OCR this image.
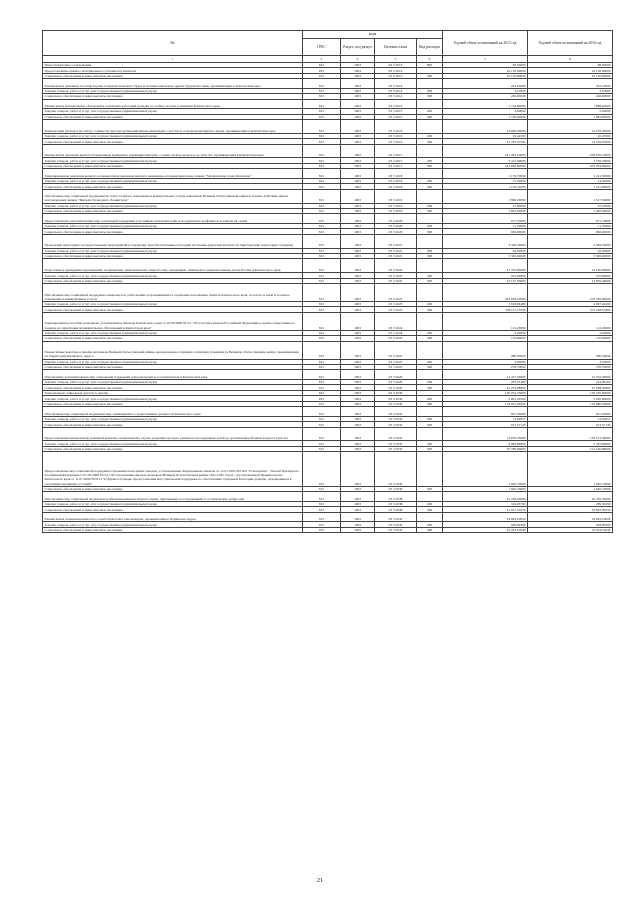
№	коды				Годовой объем ассигнований на 2015 год	Годовой объем ассигнований на 2016 год
	ГРБС	Раздел, под-раздел	Целевая статья	Вид расходов		
1	3	4	5	6	7	8
Иные бюджетные ассигнования	815	1003	03 3 2012	800	83,50000	88,00000
Предоставление прямого материального (основного) капитала	815	1003	03 3 2013		16 150,00000	16 150,00000
Социальное обеспечение и иные выплаты населению	815	1003	03 3 2013	300	16 150,00000	16 150,00000
Ежемесячное денежное пособие Героям Социалистического Труда и полным кавалерам ордена Трудовой Славы, проживающим в Камчатском крае	815	1003	03 3 2014		243,10000	243,10000
Закупка товаров, работ и услуг для государственных (муниципальных) нужд	815	1003	03 3 2014	200	3,10000	3,10000
Социальное обеспечение и иные выплаты населению	815	1003	03 3 2014	300	240,00000	240,00000
Ежемесячное материальное обеспечение отдельных категорий граждан за особые заслуги в развитии Камчатского края	815	1003	03 3 2015		1 734,90000	1 868,20000
Закупка товаров, работ и услуг для государственных (муниципальных) нужд	815	1003	03 3 2015	200	4,90000	5,20000
Социальное обеспечение и иные выплаты населению	815	1003	03 3 2015	300	1 730,00000	1 863,00000
Компенсация расходов на оплату стоимости проезда детям-инвалидам, инвалидам с детства и сопровождающим их лицам, проживающим в Камчатском крае	815	1003	03 3 2016		13 800,50000	14 559,50000
Закупка товаров, работ и услуг для государственных (муниципальных) нужд	815	1003	03 3 2016	200	19,42500	20,47000
Социальное обеспечение и иные выплаты населению	815	1003	03 3 2016	300	13 781,07500	14 539,03000
Ежемесячная денежная выплата беременным женщинам, кормящим матерям, а также детям в возрасте до трех лет, проживающим в Камчатском крае	815	1003	03 3 2017		247 083,10000	258 870,70000
Закупка товаров, работ и услуг для государственных (муниципальных) нужд	815	1003	03 3 2017	200	3 413,30000	3 576,70000
Социальное обеспечение и иные выплаты населению	815	1003	03 3 2017	300	243 669,80000	255 294,00000
Единовременная денежная выплата и ежемесячная денежная выплата женщинам, которым присвоено звание "Материнская слава Камчатки"	815	1003	03 3 2018		1 176,70000	1 241,50000
Закупка товаров, работ и услуг для государственных (муниципальных) нужд	815	1003	03 3 2018	200	17,39000	14,50000
Социальное обеспечение и иные выплаты населению	815	1003	03 3 2018	300	1 159,31000	1 227,00000
Обеспечение мер социальной поддержки по плате за жилое помещение и коммунальные услуги инвалидам Великой Отечественной войны и боевых действий, лицам награжденным знаком "Жителю блокадного Ленинграда"	815	1003	03 3 2019		1 860,20000	1 517,50000
Закупка товаров, работ и услуг для государственных (муниципальных) нужд	815	1003	03 3 2019	200	27,00000	25,10000
Социальное обеспечение и иные выплаты населению	815	1003	03 3 2019	300	1 833,20000	1 492,40000
Предоставление дополнительных мер социальной поддержки участникам локальных войн и вооруженных конфликтов и членам их семей	815	1003	03 3 2020		971,70000	971,70000
Закупка товаров, работ и услуг для государственных (муниципальных) нужд	815	1003	03 3 2020	200	11,70000	11,70000
Социальное обеспечение и иные выплаты населению	815	1003	03 3 2020	300	960,00000	960,00000
Проведение новогодних и рождественских мероприятий и поддержку малообеспеченных категорий населения (адресная выплата на приобретение новогодних подарков)	815	1003	03 3 2021		3 349,50000	3 349,50000
Закупка товаров, работ и услуг для государственных (муниципальных) нужд	815	1003	03 3 2021	200	49,50000	49,50000
Социальное обеспечение и иные выплаты населению	815	1003	03 3 2021	300	3 300,00000	3 300,00000
Подготовка и проведение мероприятий, посвященных дням воинской славы России, праздникам, памятным и знаменательным датам России и Камчатского края	815	1003	03 3 2022		13 370,90000	14 106,00000
Закупка товаров, работ и услуг для государственных (муниципальных) нужд	815	1003	03 3 2022	200	223,40000	235,60000
Социальное обеспечение и иные выплаты населению	815	1003	03 3 2022	300	13 147,50000	13 870,40000
Обеспечение мер социальной поддержки специалистов, работающих и проживающих в отдельных населенных пунктах Камчатского края, по плате за наем и за жилое помещение и коммунальные услуги	815	1003	03 3 2023		262 936,10000	276 326,00000
Закупка товаров, работ и услуг для государственных (муниципальных) нужд	815	1003	03 3 2023	200	3 818,96480	4 097,42200
Социальное обеспечение и иные выплаты населению	815	1003	03 3 2023	300	259 117,13520	272 228,57800
Единовременное пособие гражданам, установленное Законом Камчатского края от 18.09.2008 №113 "Об участии граждан Российской Федерации в охране общественного порядка на территории муниципальных образований в Камчатском крае"	815	1003	03 3 2024		112,20000	112,20000
Закупка товаров, работ и услуг для государственных (муниципальных) нужд	815	1003	03 3 2024	200	2,20000	2,20000
Социальное обеспечение и иные выплаты населению	815	1003	03 3 2024	300	110,00000	110,00000
Ежемесячные выплаты к пенсии ветеранам Великой Отечественной войны, вдовам военнослужащих, погибших (умерших) в Великую Отечественную войну, проживающим на территории Корякского округа	815	1003	03 3 2025		280,20000	280,20000
Закупка товаров, работ и услуг для государственных (муниципальных) нужд	815	1003	03 3 2025	200	3,50000	3,50000
Социальное обеспечение и иные выплаты населению	815	1003	03 3 2025	300	276,70000	276,70000
Обеспечение дополнительных мер социальной поддержки донорам крови и ее компонентов в Камчатском крае	815	1003	03 3 2029		14 457,30000	15 252,50000
Закупка товаров, работ и услуг для государственных (муниципальных) нужд	815	1003	03 3 2029	200	203,21400	214,09100
Социальное обеспечение и иные выплаты населению	815	1003	03 3 2029	300	14 254,08600	15 038,40900
Региональная социальная доплата к пенсии	815	1003	03 3 2030		136 052,70000	136 350,60000
Закупка товаров, работ и услуг для государственных (муниципальных) нужд	815	1003	03 3 2030	200	2 001,45500	2 020,00000
Социальное обеспечение и иные выплаты населению	815	1003	03 3 2030	300	134 051,26500	134 980,50000
Обеспечение мер социальной поддержки лиц, замещавших государственные должности Камчатского края	815	1003	03 3 2034		927,20000	927,20000
Закупка товаров, работ и услуг для государственных (муниципальных) нужд	815	1003	03 3 2034	200	13,62857	13,62857
Социальное обеспечение и иные выплаты населению	815	1003	03 3 2034	300	913,57143	913,57143
Предоставление ежемесячной денежной выплаты, назначаемой в случае рождения третьего ребенка и последующих детей до достижения ребенком возраста трех лет	815	1003	03 3 2035		74 870,70000	126 512,49000
Закупка товаров, работ и услуг для государственных (муниципальных) нужд	815	1003	03 3 2035	200	4 083,80000	5 345,60000
Социальное обеспечение и иные выплаты населению	815	1003	03 3 2035	300	70 786,90000	121 166,89000
Предоставление мер социальной поддержки отдельным категориям граждан, установленным Федеральным законом от 12.01.1995 №5-ФЗ "О ветеранах", Указом Президента Российской Федерации от 07.05.2008 №714 "Об обеспечении жильем ветеранов Великой Отечественной войны 1941-1945 годов", постановлением Правительства Камчатского края от 11.07.2009 №76-П "О форме и порядке предоставления мер социальной поддержки по обеспечению отдельной категории граждан, нуждающихся в улучшении жилищных условий"	815	1003	03 3 2036		1 040,70000	1 040,70000
Социальное обеспечение и иные выплаты населению	815	1003	03 3 2036	300	1 040,70000	1 040,70000
Обеспечение мер социальной поддержки реабилитированным лицам и лицам, признанным пострадавшими от политических репрессий	815	1003	03 3 2038		22 236,20000	20 250,70000
Закупка товаров, работ и услуг для государственных (муниципальных) нужд	815	1003	03 3 2038	200	319,03790	289,30450
Социальное обеспечение и иные выплаты населению	815	1003	03 3 2038	300	21 917,16210	19 961,39550
Ежемесячная социальная выплата к заработной плате пенсионерам, проживающим в Корякском округе	815	1003	03 3 2045		34 963,10000	34 963,10000
Закупка товаров, работ и услуг для государственных (муниципальных) нужд	815	1003	03 3 2045	200	509,99360	509,99360
Социальное обеспечение и иные выплаты населению	815	1003	03 3 2045	300	34 453,10640	34 453,10640
21
